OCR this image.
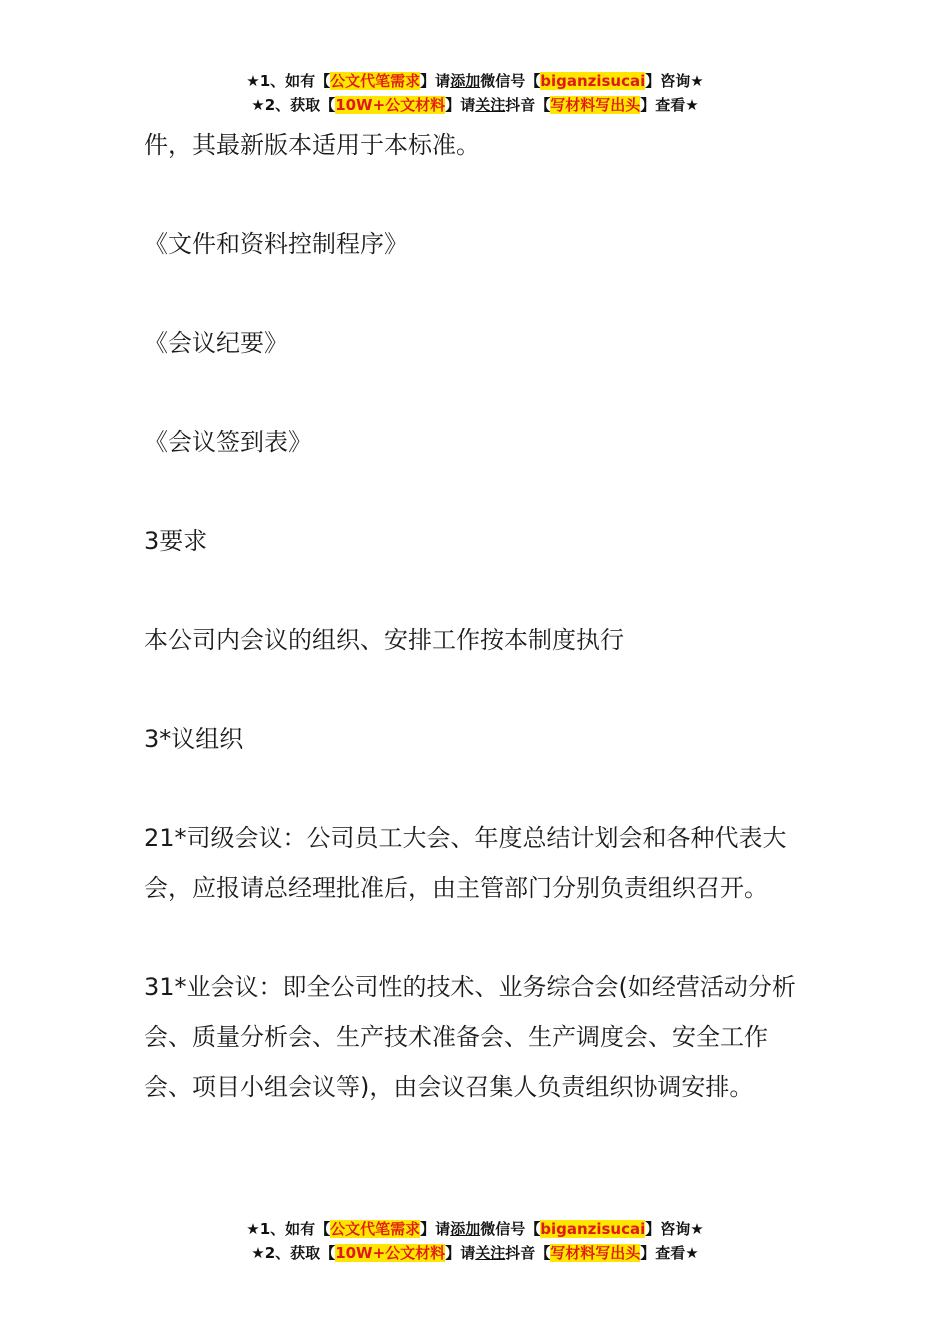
★1、如有【公文代笔需求】请添加微信号【biganzisucai】咨询★
★2、获取【10W+公文材料】请关注抖音【写材料写出头】查看★

件，其最新版本适用于本标准。

《文件和资料控制程序》

《会议纪要》

《会议签到表》

3要求

本公司内会议的组织、安排工作按本制度执行

3*议组织

21*司级会议：公司员工大会、年度总结计划会和各种代表大会，应报请总经理批准后，由主管部门分别负责组织召开。

31*业会议：即全公司性的技术、业务综合会(如经营活动分析会、质量分析会、生产技术准备会、生产调度会、安全工作会、项目小组会议等)，由会议召集人负责组织协调安排。

★1、如有【公文代笔需求】请添加微信号【biganzisucai】咨询★
★2、获取【10W+公文材料】请关注抖音【写材料写出头】查看★
